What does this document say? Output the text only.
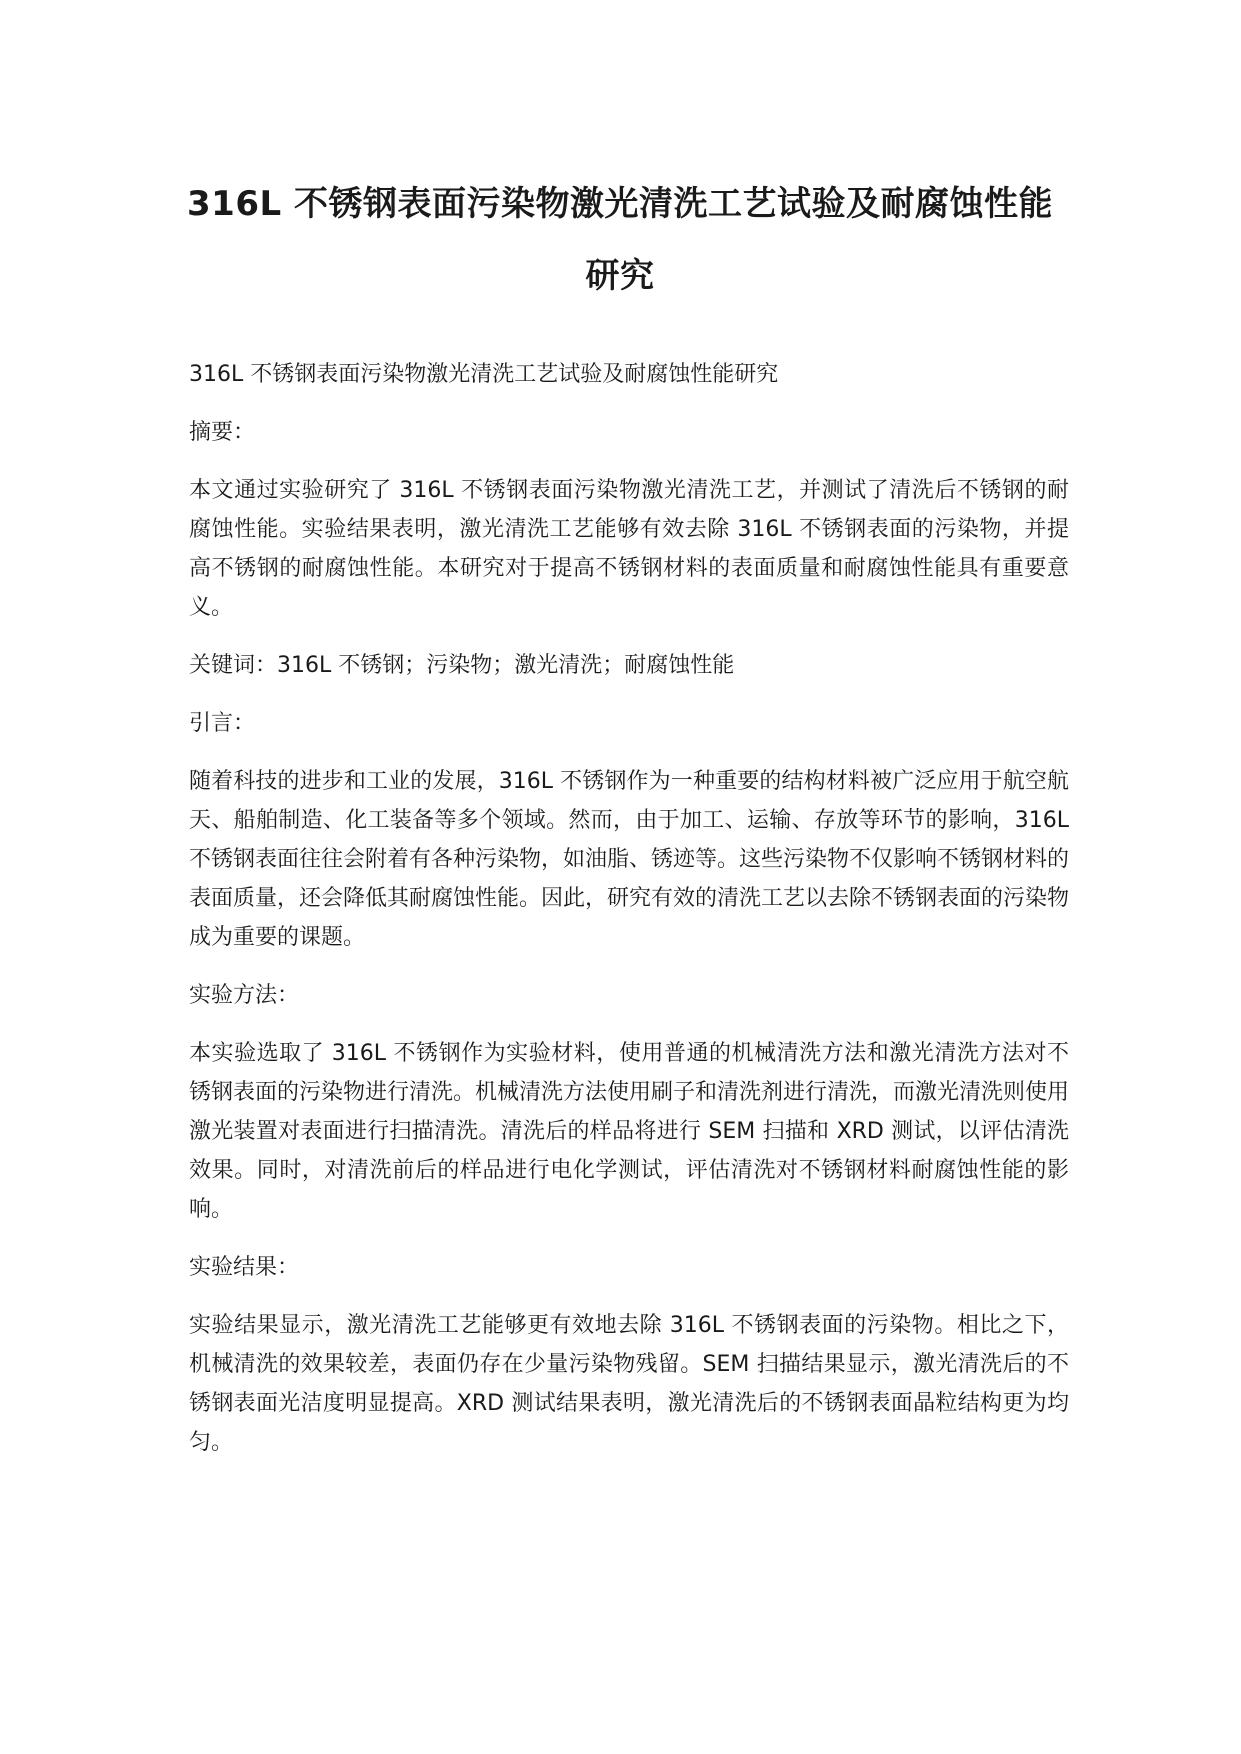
316L 不锈钢表面污染物激光清洗工艺试验及耐腐蚀性能研究

316L 不锈钢表面污染物激光清洗工艺试验及耐腐蚀性能研究

摘要：

本文通过实验研究了 316L 不锈钢表面污染物激光清洗工艺，并测试了清洗后不锈钢的耐腐蚀性能。实验结果表明，激光清洗工艺能够有效去除 316L 不锈钢表面的污染物，并提高不锈钢的耐腐蚀性能。本研究对于提高不锈钢材料的表面质量和耐腐蚀性能具有重要意义。

关键词：316L 不锈钢；污染物；激光清洗；耐腐蚀性能

引言：

随着科技的进步和工业的发展，316L 不锈钢作为一种重要的结构材料被广泛应用于航空航天、船舶制造、化工装备等多个领域。然而，由于加工、运输、存放等环节的影响，316L 不锈钢表面往往会附着有各种污染物，如油脂、锈迹等。这些污染物不仅影响不锈钢材料的表面质量，还会降低其耐腐蚀性能。因此，研究有效的清洗工艺以去除不锈钢表面的污染物成为重要的课题。

实验方法：

本实验选取了 316L 不锈钢作为实验材料，使用普通的机械清洗方法和激光清洗方法对不锈钢表面的污染物进行清洗。机械清洗方法使用刷子和清洗剂进行清洗，而激光清洗则使用激光装置对表面进行扫描清洗。清洗后的样品将进行 SEM 扫描和 XRD 测试，以评估清洗效果。同时，对清洗前后的样品进行电化学测试，评估清洗对不锈钢材料耐腐蚀性能的影响。

实验结果：

实验结果显示，激光清洗工艺能够更有效地去除 316L 不锈钢表面的污染物。相比之下，机械清洗的效果较差，表面仍存在少量污染物残留。SEM 扫描结果显示，激光清洗后的不锈钢表面光洁度明显提高。XRD 测试结果表明，激光清洗后的不锈钢表面晶粒结构更为均匀。
